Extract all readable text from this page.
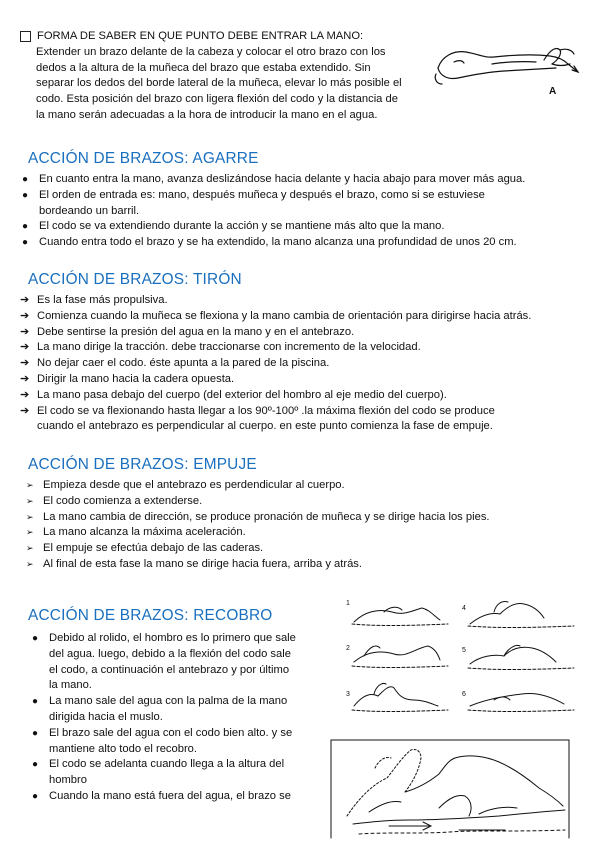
FORMA DE SABER EN QUE PUNTO DEBE ENTRAR LA MANO:
Extender un brazo delante de la cabeza y colocar el otro brazo con los
dedos a la altura de la muñeca del brazo que estaba extendido. Sin
separar los dedos del borde lateral de la muñeca, elevar lo más posible el
codo. Esta posición del brazo con ligera flexión del codo y la distancia de
la mano serán adecuadas a la hora de introducir la mano en el agua.
A
ACCIÓN DE BRAZOS: AGARRE
● En cuanto entra la mano, avanza deslizándose hacia delante y hacia abajo para mover más agua.
● El orden de entrada es: mano, después muñeca y después el brazo, como si se estuviese
bordeando un barril.
● El codo se va extendiendo durante la acción y se mantiene más alto que la mano.
● Cuando entra todo el brazo y se ha extendido, la mano alcanza una profundidad de unos 20 cm.
ACCIÓN DE BRAZOS: TIRÓN
➔ Es la fase más propulsiva.
➔ Comienza cuando la muñeca se flexiona y la mano cambia de orientación para dirigirse hacia atrás.
➔ Debe sentirse la presión del agua en la mano y en el antebrazo.
➔ La mano dirige la tracción. debe traccionarse con incremento de la velocidad.
➔ No dejar caer el codo. éste apunta a la pared de la piscina.
➔ Dirigir la mano hacia la cadera opuesta.
➔ La mano pasa debajo del cuerpo (del exterior del hombro al eje medio del cuerpo).
➔ El codo se va flexionando hasta llegar a los 90º-100º .la máxima flexión del codo se produce
cuando el antebrazo es perpendicular al cuerpo. en este punto comienza la fase de empuje.
ACCIÓN DE BRAZOS: EMPUJE
➢ Empieza desde que el antebrazo es perdendicular al cuerpo.
➢ El codo comienza a extenderse.
➢ La mano cambia de dirección, se produce pronación de muñeca y se dirige hacia los pies.
➢ La mano alcanza la máxima aceleración.
➢ El empuje se efectúa debajo de las caderas.
➢ Al final de esta fase la mano se dirige hacia fuera, arriba y atrás.
ACCIÓN DE BRAZOS: RECOBRO
● Debido al rolido, el hombro es lo primero que sale
del agua. luego, debido a la flexión del codo sale
el codo, a continuación el antebrazo y por último
la mano.
● La mano sale del agua con la palma de la mano
dirigida hacia el muslo.
● El brazo sale del agua con el codo bien alto. y se
mantiene alto todo el recobro.
● El codo se adelanta cuando llega a la altura del
hombro
● Cuando la mano está fuera del agua, el brazo se
1
2
3
4
5
6
